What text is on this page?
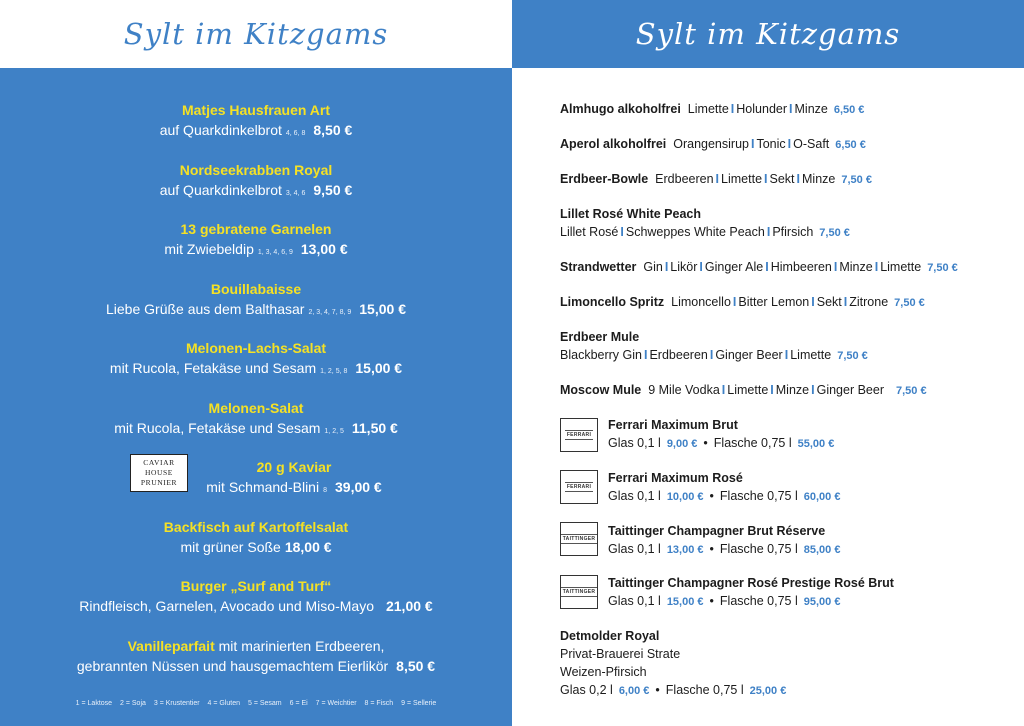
Sylt im Kitzgams
Matjes Hausfrauen Art
auf Quarkdinkelbrot 4, 6, 8 8,50 €
Nordseekrabben Royal
auf Quarkdinkelbrot 3, 4, 6 9,50 €
13 gebratene Garnelen
mit Zwiebeldip 1, 3, 4, 6, 9 13,00 €
Bouillabaisse
Liebe Grüße aus dem Balthasar 2, 3, 4, 7, 8, 9 15,00 €
Melonen-Lachs-Salat
mit Rucola, Fetakäse und Sesam 1, 2, 5, 8 15,00 €
Melonen-Salat
mit Rucola, Fetakäse und Sesam 1, 2, 5 11,50 €
20 g Kaviar
mit Schmand-Blini 8 39,00 €
Backfisch auf Kartoffelsalat
mit grüner Soße 18,00 €
Burger „Surf and Turf“
Rindfleisch, Garnelen, Avocado und Miso-Mayo 21,00 €
Vanilleparfait mit marinierten Erdbeeren,
gebrannten Nüssen und hausgemachtem Eierlikör 8,50 €
CAVIAR
HOUSE
PRUNIER
1 = Laktose 2 = Soja 3 = Krustentier 4 = Gluten 5 = Sesam 6 = Ei 7 = Weichtier 8 = Fisch 9 = Sellerie
Sylt im Kitzgams
Almhugo alkoholfrei Limette I Holunder I Minze 6,50 €
Aperol alkoholfrei Orangensirup I Tonic I O-Saft 6,50 €
Erdbeer-Bowle Erdbeeren I Limette I Sekt I Minze 7,50 €
Lillet Rosé White Peach
Lillet Rosé I Schweppes White Peach I Pfirsich 7,50 €
Strandwetter Gin I Likör I Ginger Ale I Himbeeren I Minze I Limette 7,50 €
Limoncello Spritz Limoncello I Bitter Lemon I Sekt I Zitrone 7,50 €
Erdbeer Mule
Blackberry Gin I Erdbeeren I Ginger Beer I Limette 7,50 €
Moscow Mule 9 Mile Vodka I Limette I Minze I Ginger Beer 7,50 €
FERRARI
Ferrari Maximum Brut
Glas 0,1 l 9,00 € • Flasche 0,75 l 55,00 €
FERRARI
Ferrari Maximum Rosé
Glas 0,1 l 10,00 € • Flasche 0,75 l 60,00 €
TAITTINGER
Taittinger Champagner Brut Réserve
Glas 0,1 l 13,00 € • Flasche 0,75 l 85,00 €
TAITTINGER
Taittinger Champagner Rosé Prestige Rosé Brut
Glas 0,1 l 15,00 € • Flasche 0,75 l 95,00 €
Detmolder Royal
Privat-Brauerei Strate
Weizen-Pfirsich
Glas 0,2 l 6,00 € • Flasche 0,75 l 25,00 €
